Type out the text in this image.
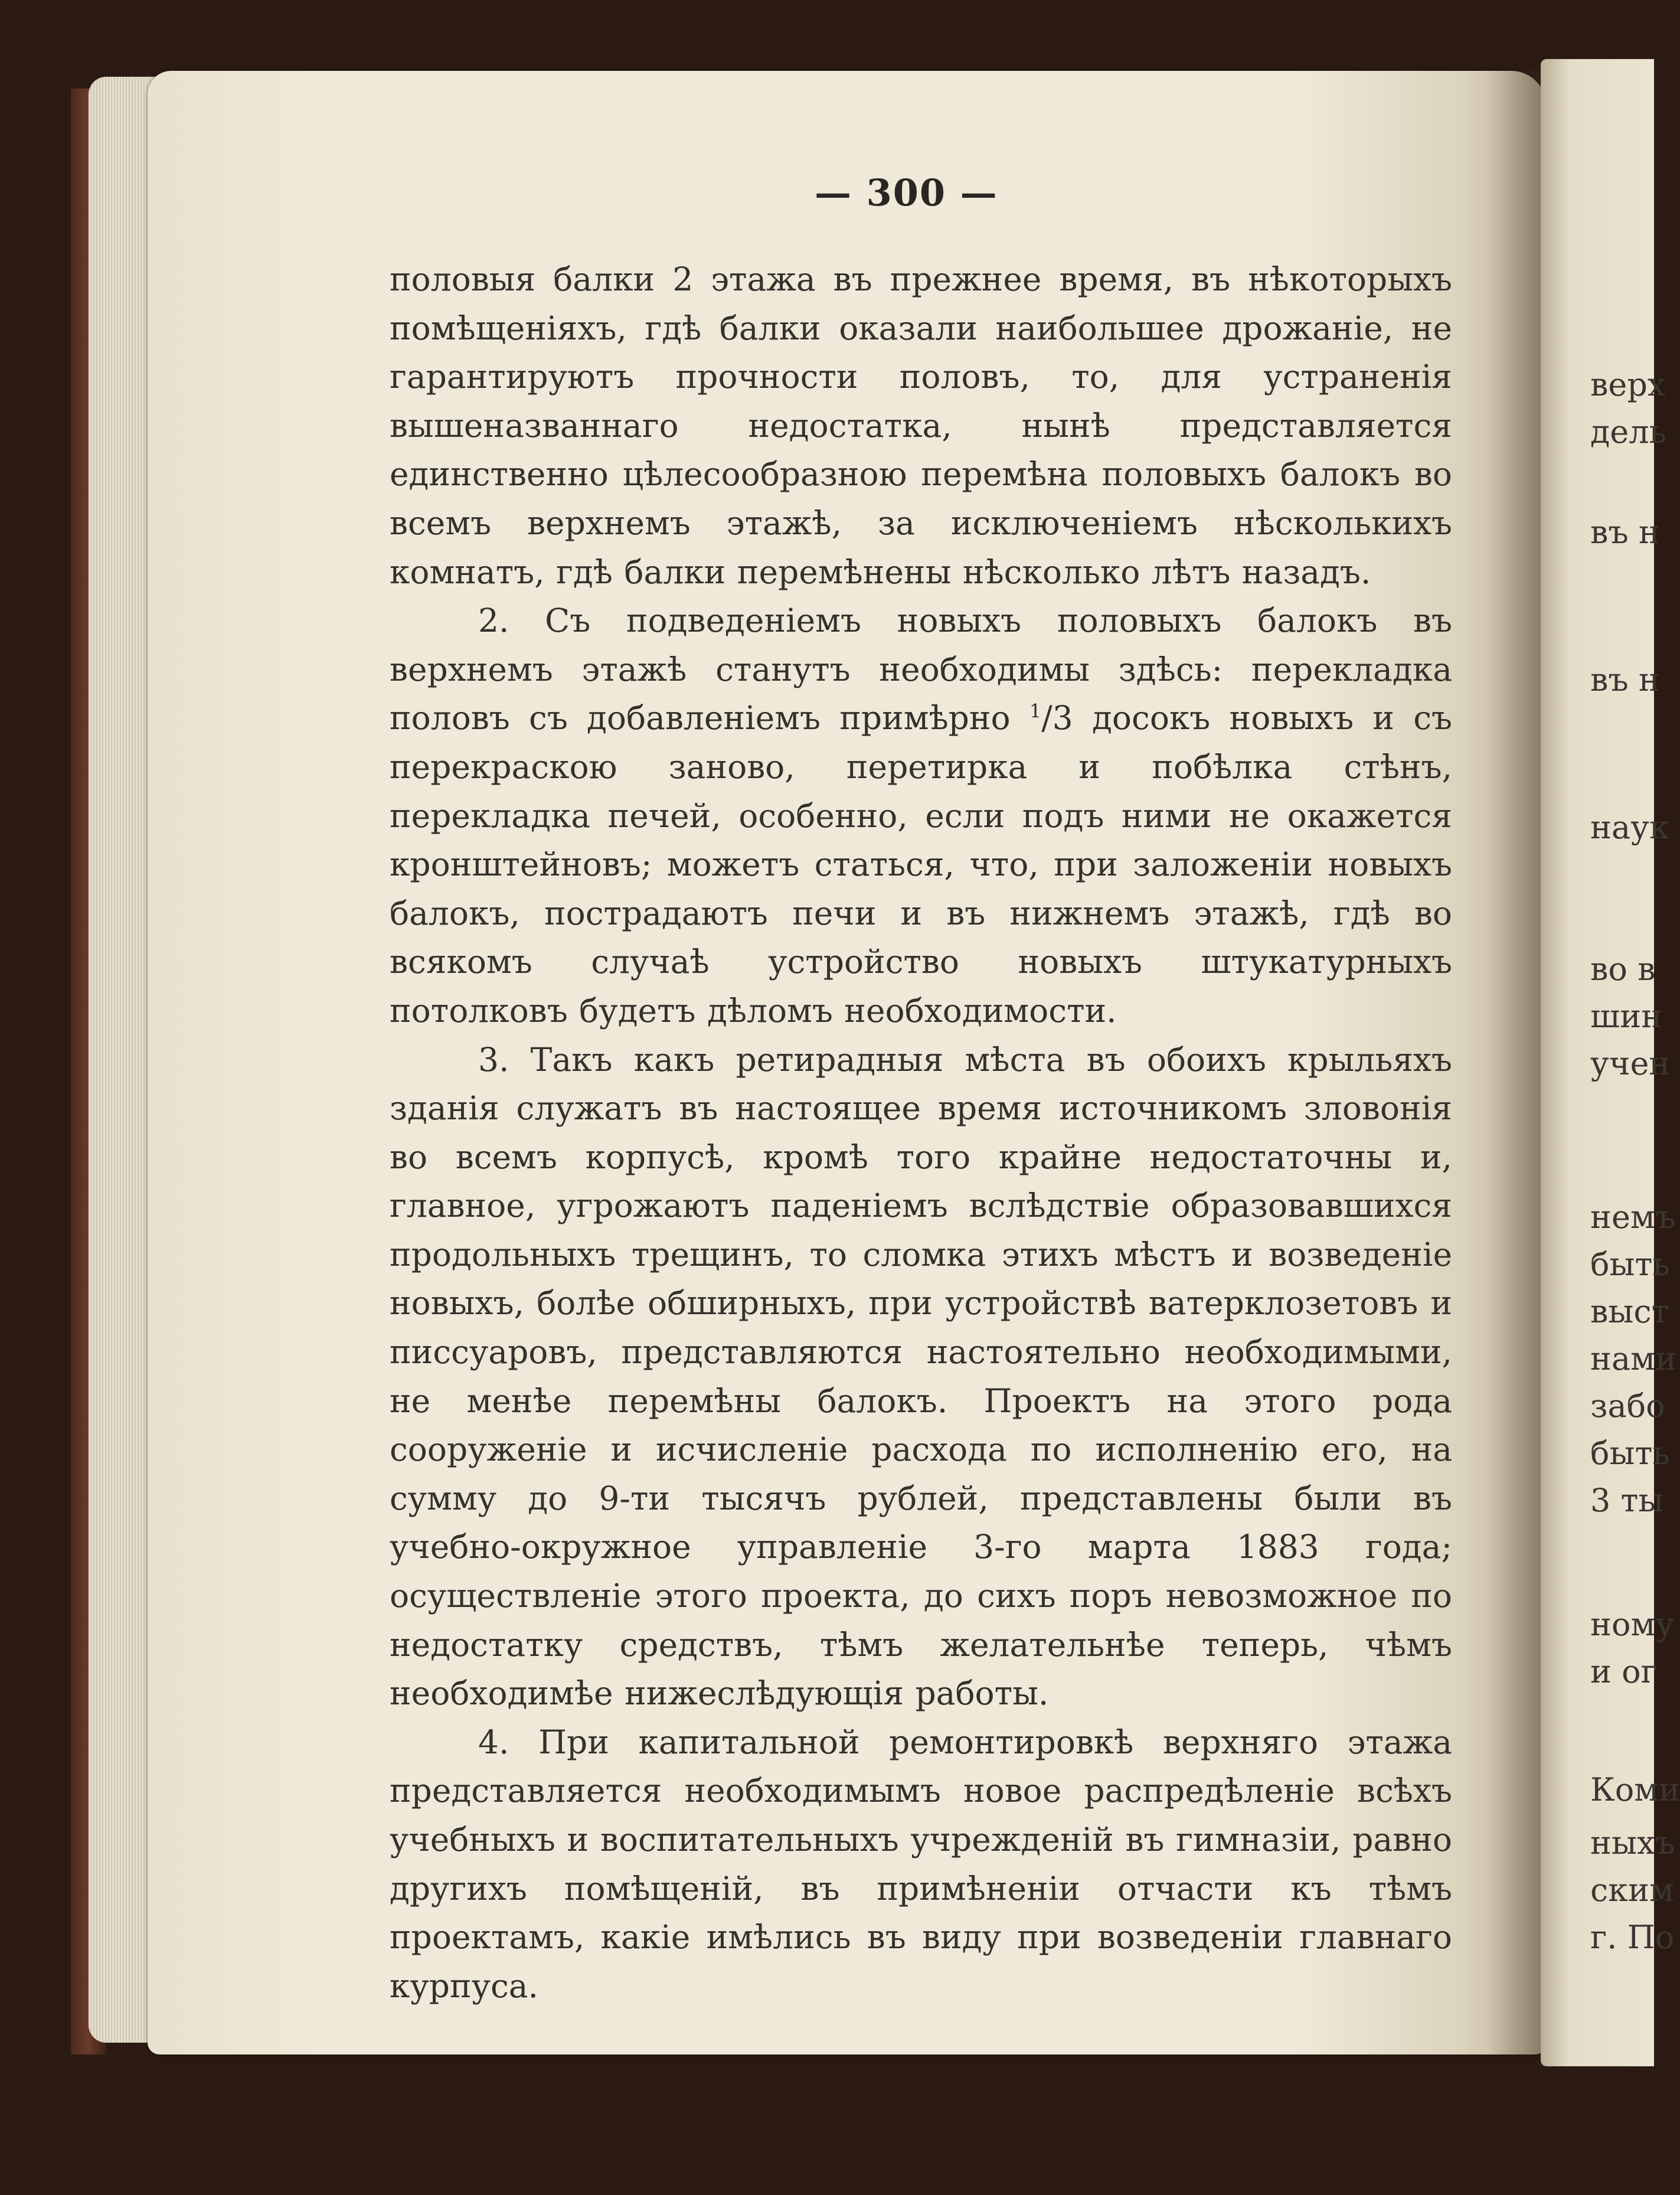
— 300 —

половыя балки 2 этажа въ прежнее время, въ нѣкоторыхъ помѣщеніяхъ, гдѣ балки оказали наибольшее дрожаніе, не гарантируютъ прочности половъ, то, для устраненія вышеназваннаго недостатка, нынѣ представляется единственно цѣлесообразною перемѣна половыхъ балокъ во всемъ верхнемъ этажѣ, за исключеніемъ нѣсколькихъ комнатъ, гдѣ балки перемѣнены нѣсколько лѣтъ назадъ.

2. Съ подведеніемъ новыхъ половыхъ балокъ въ верхнемъ этажѣ станутъ необходимы здѣсь: перекладка половъ съ добавленіемъ примѣрно $^1$/3 досокъ новыхъ и съ перекраскою заново, перетирка и побѣлка стѣнъ, перекладка печей, особенно, если подъ ними не окажется кронштейновъ; можетъ статься, что, при заложеніи новыхъ балокъ, пострадаютъ печи и въ нижнемъ этажѣ, гдѣ во всякомъ случаѣ устройство новыхъ штукатурныхъ потолковъ будетъ дѣломъ необходимости.

3. Такъ какъ ретирадныя мѣста въ обоихъ крыльяхъ зданія служатъ въ настоящее время источникомъ зловонія во всемъ корпусѣ, кромѣ того крайне недостаточны и, главное, угрожаютъ паденіемъ вслѣдствіе образовавшихся продольныхъ трещинъ, то сломка этихъ мѣстъ и возведеніе новыхъ, болѣе обширныхъ, при устройствѣ ватерклозетовъ и писсуаровъ, представляются настоятельно необходимыми, не менѣе перемѣны балокъ. Проектъ на этого рода сооруженіе и исчисленіе расхода по исполненію его, на сумму до 9-ти тысячъ рублей, представлены были въ учебно-окружное управленіе 3-го марта 1883 года; осуществленіе этого проекта, до сихъ поръ невозможное по недостатку средствъ, тѣмъ желательнѣе теперь, чѣмъ необходимѣе нижеслѣдующія работы.

4. При капитальной ремонтировкѣ верхняго этажа представляется необходимымъ новое распредѣленіе всѣхъ учебныхъ и воспитательныхъ учрежденій въ гимназіи, равно другихъ помѣщеній, въ примѣненіи отчасти къ тѣмъ проектамъ, какіе имѣлись въ виду при возведеніи главнаго курпуса.

верх
дель
въ н
въ н
наук
во в
шин
учен
немъ
быть
выст
нами
забо
быть
3 ты
ному
и ог
Коми
ныхъ
ским
г. По
